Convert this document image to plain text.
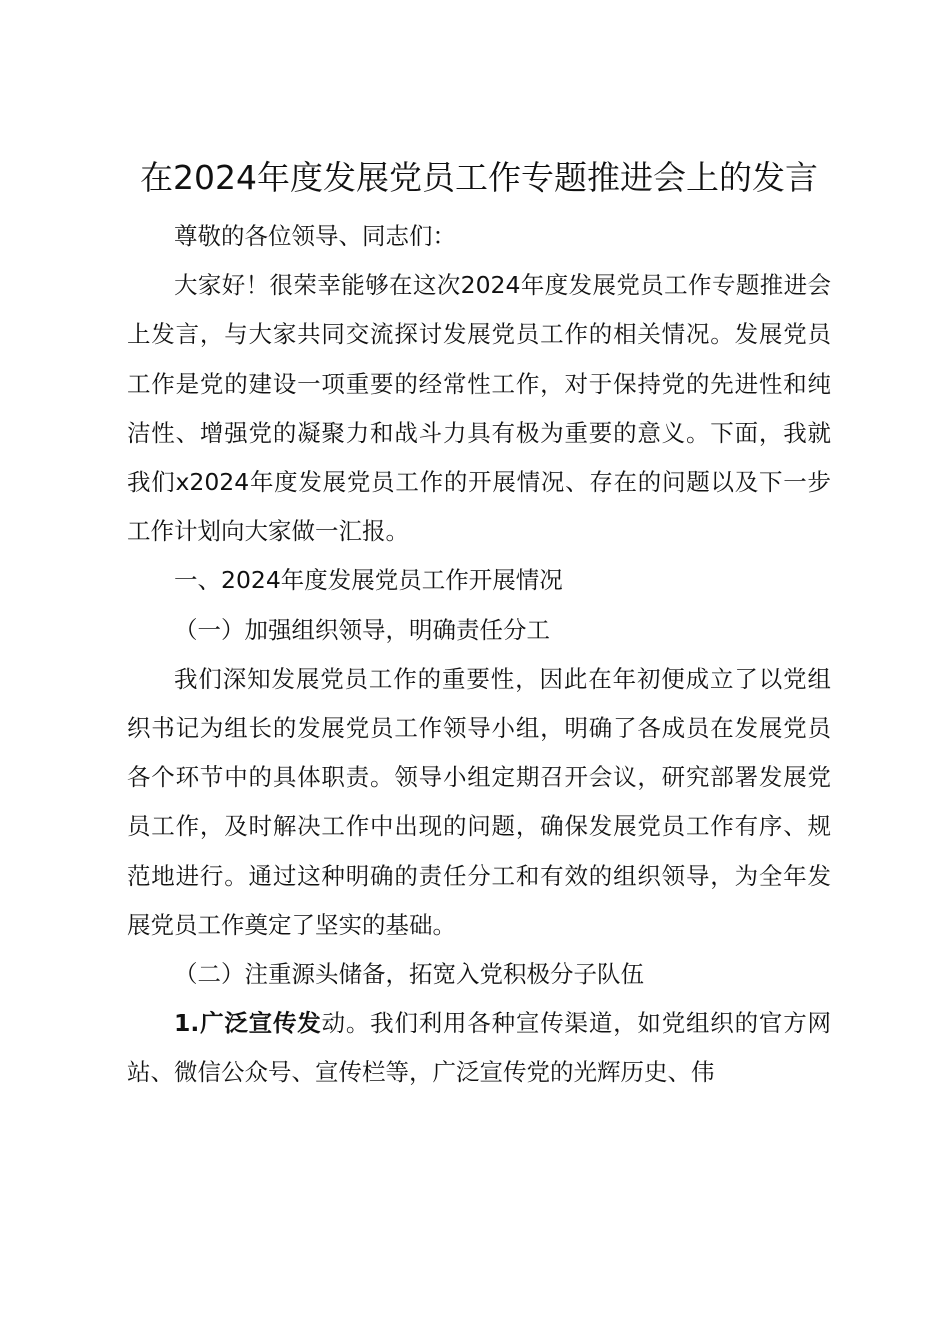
在2024年度发展党员工作专题推进会上的发言

尊敬的各位领导、同志们：

大家好！很荣幸能够在这次2024年度发展党员工作专题推进会上发言，与大家共同交流探讨发展党员工作的相关情况。发展党员工作是党的建设一项重要的经常性工作，对于保持党的先进性和纯洁性、增强党的凝聚力和战斗力具有极为重要的意义。下面，我就我们x2024年度发展党员工作的开展情况、存在的问题以及下一步工作计划向大家做一汇报。

一、2024年度发展党员工作开展情况

（一）加强组织领导，明确责任分工

我们深知发展党员工作的重要性，因此在年初便成立了以党组织书记为组长的发展党员工作领导小组，明确了各成员在发展党员各个环节中的具体职责。领导小组定期召开会议，研究部署发展党员工作，及时解决工作中出现的问题，确保发展党员工作有序、规范地进行。通过这种明确的责任分工和有效的组织领导，为全年发展党员工作奠定了坚实的基础。

（二）注重源头储备，拓宽入党积极分子队伍

1.广泛宣传发动。我们利用各种宣传渠道，如党组织的官方网站、微信公众号、宣传栏等，广泛宣传党的光辉历史、伟
